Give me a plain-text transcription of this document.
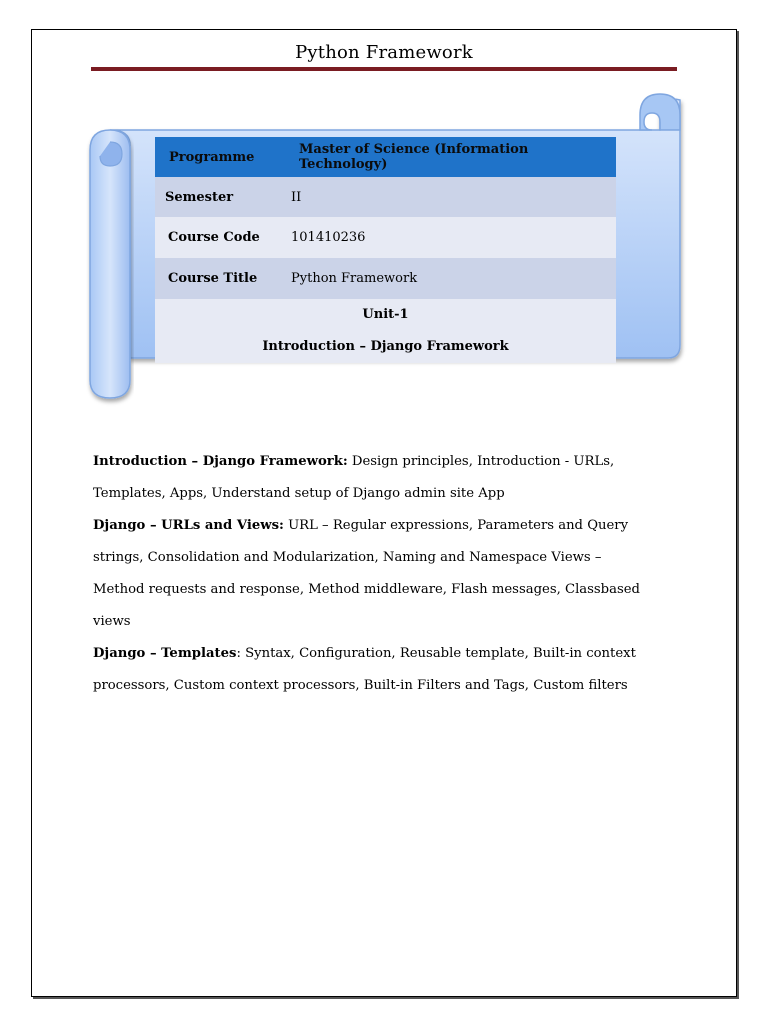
Python Framework
Programme	Master of Science (Information Technology)
Semester	II
Course Code	101410236
Course Title	Python Framework

Unit-1
Introduction – Django Framework	

Introduction – Django Framework: Design principles, Introduction - URLs,
Templates, Apps, Understand setup of Django admin site App

Django – URLs and Views: URL – Regular expressions, Parameters and Query
strings, Consolidation and Modularization, Naming and Namespace Views –
Method requests and response, Method middleware, Flash messages, Classbased
views

Django – Templates: Syntax, Configuration, Reusable template, Built-in context
processors, Custom context processors, Built-in Filters and Tags, Custom filters
